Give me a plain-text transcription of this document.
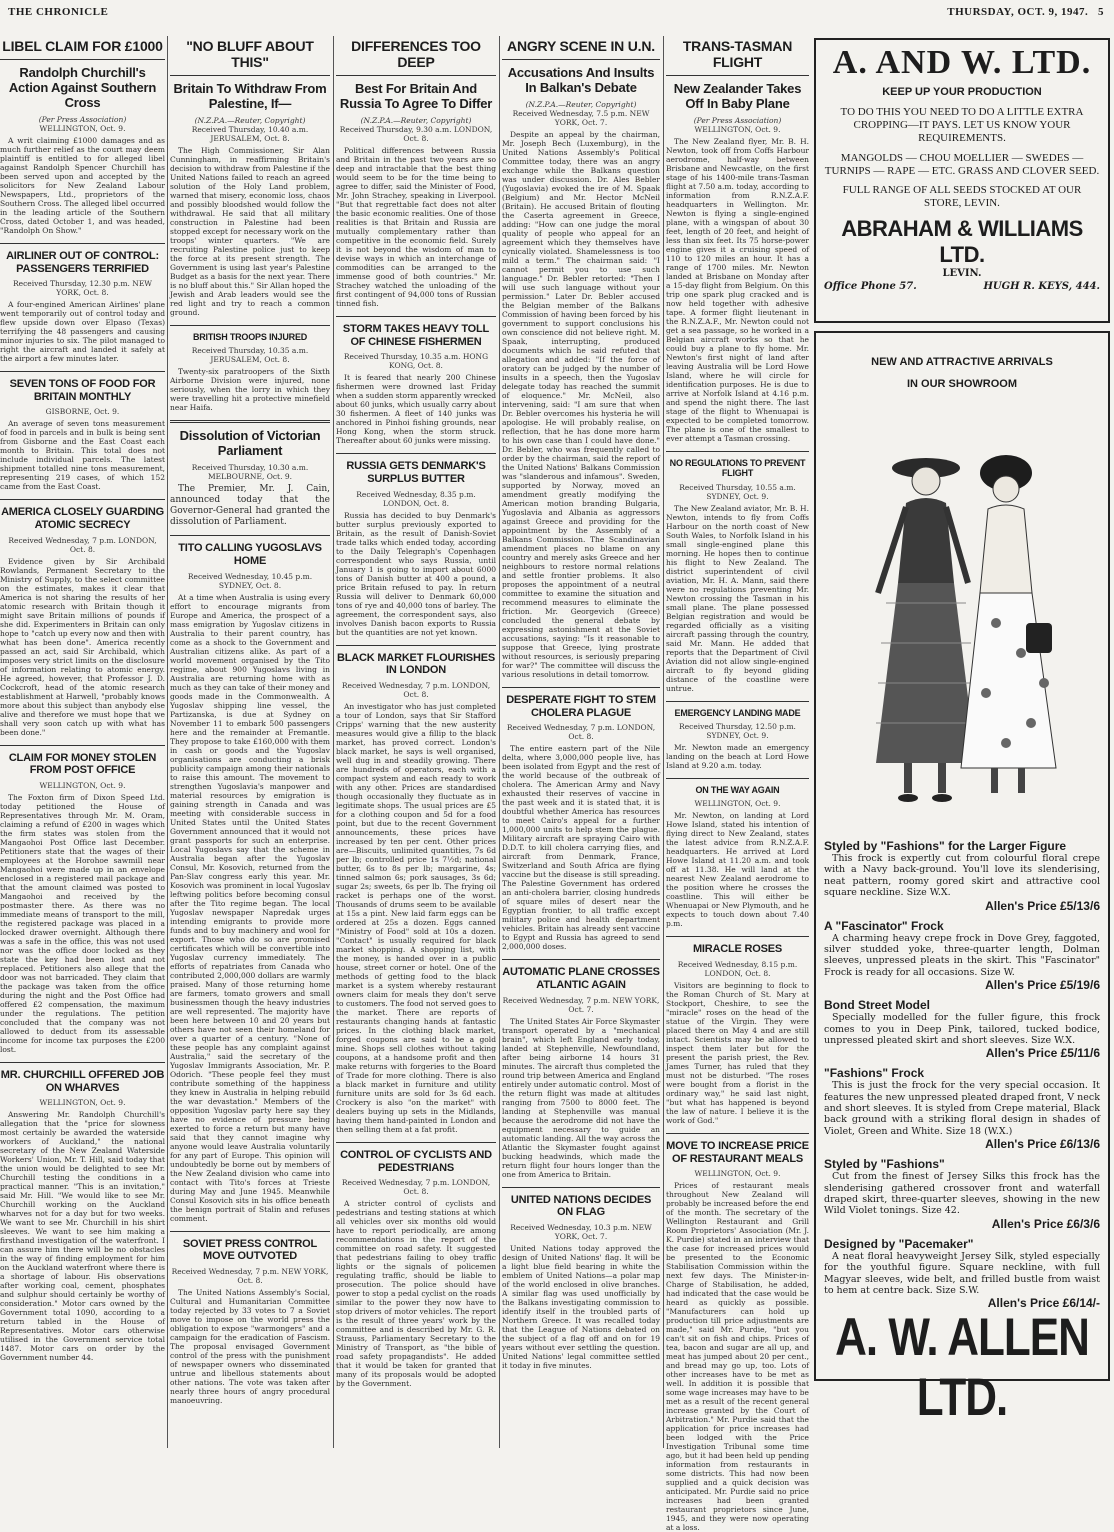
THE CHRONICLE	THURSDAY, OCT. 9, 1947. 5
LIBEL CLAIM FOR £1000
Randolph Churchill's Action Against Southern Cross
(Per Press Association)
WELLINGTON, Oct. 9.
A writ claiming £1000 damages and as much further relief as the court may deem plaintiff is entitled to for alleged libel against Randolph Spencer Churchill has been served upon and accepted by the solicitors for New Zealand Labour Newspapers, Ltd., proprietors of the Southern Cross. The alleged libel occurred in the leading article of the Southern Cross, dated October 1, and was headed, "Randolph On Show."
AIRLINER OUT OF CONTROL: PASSENGERS TERRIFIED
Received Thursday, 12.30 p.m. NEW YORK, Oct. 8.
A four-engined American Airlines' plane went temporarily out of control today and flew upside down over Elpaso (Texas) terrifying the 48 passengers and causing minor injuries to six. The pilot managed to right the aircraft and landed it safely at the airport a few minutes later.
SEVEN TONS OF FOOD FOR BRITAIN MONTHLY
GISBORNE, Oct. 9.
An average of seven tons measurement of food in parcels and in bulk is being sent from Gisborne and the East Coast each month to Britain. This total does not include individual parcels. The latest shipment totalled nine tons measurement, representing 219 cases, of which 152 came from the East Coast.
AMERICA CLOSELY GUARDING ATOMIC SECRECY
Received Wednesday, 7 p.m. LONDON, Oct. 8.
Evidence given by Sir Archibald Rowlands, Permanent Secretary to the Ministry of Supply, to the select committee on the estimates, makes it clear that America is not sharing the results of her atomic research with Britain though it might save Britain millions of pounds if she did. Experimenters in Britain can only hope to "catch up every now and then with what has been done". America recently passed an act, said Sir Archibald, which imposes very strict limits on the disclosure of information relating to atomic energy. He agreed, however, that Professor J. D. Cockcroft, head of the atomic research establishment at Harwell, "probably knows more about this subject than anybody else alive and therefore we must hope that we shall very soon catch up with what has been done."
CLAIM FOR MONEY STOLEN FROM POST OFFICE
WELLINGTON, Oct. 9.
The Foxton firm of Dixon Speed Ltd. today petitioned the House of Representatives through Mr. M. Oram, claiming a refund of £200 in wages which the firm states was stolen from the Mangaohoi Post Office last December. Petitioners state that the wages of their employees at the Horohoe sawmill near Mangaohoi were made up in an envelope enclosed in a registered mail package and that the amount claimed was posted to Mangaohoi and received by the postmaster there. As there was no immediate means of transport to the mill, the registered package was placed in a locked drawer overnight. Although there was a safe in the office, this was not used nor was the office door locked as they state the key had been lost and not replaced. Petitioners also allege that the door was not barricaded. They claim that the package was taken from the office during the night and the Post Office had offered £2 compensation, the maximum under the regulations. The petition concluded that the company was not allowed to deduct from its assessable income for income tax purposes the £200 lost.
MR. CHURCHILL OFFERED JOB ON WHARVES
WELLINGTON, Oct. 9.
Answering Mr. Randolph Churchill's allegation that the "price for slowness most certainly be awarded the waterside workers of Auckland," the national secretary of the New Zealand Waterside Workers' Union, Mr. T. Hill, said today that the union would be delighted to see Mr. Churchill testing the conditions in a practical manner. "This is an invitation," said Mr. Hill. "We would like to see Mr. Churchill working on the Auckland wharves not for a day but for two weeks. We want to see Mr. Churchill in his shirt sleeves. We want to see him making a firsthand investigation of the waterfront. I can assure him there will be no obstacles in the way of finding employment for him on the Auckland waterfront where there is a shortage of labour. His observations after working coal, cement, phosphates and sulphur should certainly be worthy of consideration." Motor cars owned by the Government total 1090, according to a return tabled in the House of Representatives. Motor cars otherwise utilised in the Government service total 1487. Motor cars on order by the Government number 44.
"NO BLUFF ABOUT THIS"
Britain To Withdraw From Palestine, If—
(N.Z.P.A.—Reuter, Copyright)
Received Thursday, 10.40 a.m. JERUSALEM, Oct. 8.
The High Commissioner, Sir Alan Cunningham, in reaffirming Britain's decision to withdraw from Palestine if the United Nations failed to reach an agreed solution of the Holy Land problem, warned that misery, economic loss, chaos and possibly bloodshed would follow the withdrawal. He said that all military construction in Palestine had been stopped except for necessary work on the troops' winter quarters. "We are recruiting Palestine police just to keep the force at its present strength. The Government is using last year's Palestine Budget as a basis for the next year. There is no bluff about this." Sir Allan hoped the Jewish and Arab leaders would see the red light and try to reach a common ground.
BRITISH TROOPS INJURED
Received Thursday, 10.35 a.m. JERUSALEM, Oct. 8.
Twenty-six paratroopers of the Sixth Airborne Division were injured, none seriously, when the lorry in which they were travelling hit a protective minefield near Haifa.
Dissolution of Victorian Parliament
Received Thursday, 10.30 a.m. MELBOURNE, Oct. 9.
The Premier, Mr. J. Cain, announced today that the Governor-General had granted the dissolution of Parliament.
TITO CALLING YUGOSLAVS HOME
Received Wednesday, 10.45 p.m. SYDNEY, Oct. 8.
At a time when Australia is using every effort to encourage migrants from Europe and America, the prospect of a mass emigration by Yugoslav citizens in Australia to their parent country, has come as a shock to the Government and Australian citizens alike. As part of a world movement organised by the Tito regime, about 900 Yugoslavs living in Australia are returning home with as much as they can take of their money and goods made in the Commonwealth. A Yugoslav shipping line vessel, the Partizanska, is due at Sydney on November 11 to embark 500 passengers here and the remainder at Fremantle. They propose to take £160,000 with them in cash or goods and the Yugoslav organisations are conducting a brisk publicity campaign among their nationals to raise this amount. The movement to strengthen Yugoslavia's manpower and material resources by emigration is gaining strength in Canada and was meeting with considerable success in United States until the United States Government announced that it would not grant passports for such an enterprise. Local Yugoslavs say that the scheme in Australia began after the Yugoslav Consul, Mr. Kosovich, returned from the Pan-Slav congress early this year. Mr. Kosovich was prominent in local Yugoslav leftwing politics before becoming consul after the Tito regime began. The local Yugoslav newspaper Napredak urges intending emigrants to provide more funds and to buy machinery and wool for export. Those who do so are promised certificates which will be convertible into Yugoslav currency immediately. The efforts of repatriates from Canada who contributed 2,000,000 dollars are warmly praised. Many of those returning home are farmers, tomato growers and small businessmen though the heavy industries are well represented. The majority have been here between 10 and 20 years but others have not seen their homeland for over a quarter of a century. "None of these people has any complaint against Australia," said the secretary of the Yugoslav Immigrants Association, Mr. P. Odorich. "These people feel they must contribute something of the happiness they knew in Australia in helping rebuild the war devastation." Members of the opposition Yugoslav party here say they have no evidence of pressure being exerted to force a return but many have said that they cannot imagine why anyone would leave Australia voluntarily for any part of Europe. This opinion will undoubtedly be borne out by members of the New Zealand division who came into contact with Tito's forces at Trieste during May and June 1945. Meanwhile Consul Kosovich sits in his office beneath the benign portrait of Stalin and refuses comment.
SOVIET PRESS CONTROL MOVE OUTVOTED
Received Wednesday, 7 p.m. NEW YORK, Oct. 8.
The United Nations Assembly's Social, Cultural and Humanitarian Committee today rejected by 33 votes to 7 a Soviet move to impose on the world press the obligation to expose "warmongers" and a campaign for the eradication of Fascism. The proposal envisaged Government control of the press with the punishment of newspaper owners who disseminated untrue and libellous statements about other nations. The vote was taken after nearly three hours of angry procedural manoeuvring.
DIFFERENCES TOO DEEP
Best For Britain And Russia To Agree To Differ
(N.Z.P.A.—Reuter, Copyright)
Received Thursday, 9.30 a.m. LONDON, Oct. 8.
Political differences between Russia and Britain in the past two years are so deep and intractable that the best thing would seem to be for the time being to agree to differ, said the Minister of Food, Mr. John Strachey, speaking in Liverpool. "But that regrettable fact does not alter the basic economic realities. One of those realities is that Britain and Russia are mutually complementary rather than competitive in the economic field. Surely it is not beyond the wisdom of man to devise ways in which an interchange of commodities can be arranged to the immense good of both countries." Mr. Strachey watched the unloading of the first contingent of 94,000 tons of Russian tinned fish.
STORM TAKES HEAVY TOLL OF CHINESE FISHERMEN
Received Thursday, 10.35 a.m. HONG KONG, Oct. 8.
It is feared that nearly 200 Chinese fishermen were drowned last Friday when a sudden storm apparently wrecked about 60 junks, which usually carry about 30 fishermen. A fleet of 140 junks was anchored in Pinhoi fishing grounds, near Hong Kong, when the storm struck. Thereafter about 60 junks were missing.
RUSSIA GETS DENMARK'S SURPLUS BUTTER
Received Wednesday, 8.35 p.m. LONDON, Oct. 8.
Russia has decided to buy Denmark's butter surplus previously exported to Britain, as the result of Danish-Soviet trade talks which ended today, according to the Daily Telegraph's Copenhagen correspondent who says Russia, until January 1 is going to import about 6000 tons of Danish butter at 400 a pound, a price Britain refused to pay. In return Russia will deliver to Denmark 60,000 tons of rye and 40,000 tons of barley. The agreement, the correspondent says, also involves Danish bacon exports to Russia but the quantities are not yet known.
BLACK MARKET FLOURISHES IN LONDON
Received Wednesday, 7 p.m. LONDON, Oct. 8.
An investigator who has just completed a tour of London, says that Sir Stafford Cripps' warning that the new austerity measures would give a fillip to the black market, has proved correct. London's black market, he says is well organised, well dug in and steadily growing. There are hundreds of operators, each with a compact system and each ready to work with any other. Prices are standardised though occasionally they fluctuate as in legitimate shops. The usual prices are £5 for a clothing coupon and 5d for a food point, but due to the recent Government announcements, these prices have increased by ten per cent. Other prices are—Biscuits, unlimited quantities, 7s 6d per lb; controlled price 1s 7½d; national butter, 6s to 8s per lb; margarine, 4s; tinned salmon 6s; pork sausages, 3s 6d; sugar 2s; sweets, 6s per lb. The frying oil racket is perhaps one of the worst. Thousands of drums seem to be available at 15s a pint. New laid farm eggs can be ordered at 25s a dozen. Eggs canned "Ministry of Food" sold at 10s a dozen. "Contact" is usually required for black market shopping. A shopping list, with the money, is handed over in a public house, street corner or hotel. One of the methods of getting food to the black market is a system whereby restaurant owners claim for meals they don't serve to customers. The food not served goes to the market. There are reports of restaurants changing hands at fantastic prices. In the clothing black market, forged coupons are said to be a gold mine. Shops sell clothes without taking coupons, at a handsome profit and then make returns with forgeries to the Board of Trade for more clothing. There is also a black market in furniture and utility furniture units are sold for 3s 6d each. Crockery is also "on the market" with dealers buying up sets in the Midlands, having them hand-painted in London and then selling them at a fat profit.
CONTROL OF CYCLISTS AND PEDESTRIANS
Received Wednesday, 7 p.m. LONDON, Oct. 8.
A stricter control of cyclists and pedestrians and testing stations at which all vehicles over six months old would have to report periodically, are among recommendations in the report of the committee on road safety. It suggested that pedestrians failing to obey traffic lights or the signals of policemen regulating traffic, should be liable to prosecution. The police should have power to stop a pedal cyclist on the roads similar to the power they now have to stop drivers of motor vehicles. The report is the result of three years' work by the committee and is described by Mr. G. R. Strauss, Parliamentary Secretary to the Ministry of Transport, as "the bible of road safety propagandists". He added that it would be taken for granted that many of its proposals would be adopted by the Government.
ANGRY SCENE IN U.N.
Accusations And Insults In Balkan's Debate
(N.Z.P.A.—Reuter, Copyright)
Received Wednesday, 7.5 p.m. NEW YORK, Oct. 7.
Despite an appeal by the chairman, Mr. Joseph Bech (Luxemburg), in the United Nations Assembly's Political Committee today, there was an angry exchange while the Balkans question was under discussion. Dr. Ales Bebler (Yugoslavia) evoked the ire of M. Spaak (Belgium) and Mr. Hector McNeil (Britain). He accused Britain of flouting the Caserta agreement in Greece, adding: "How can one judge the moral quality of people who appeal for an agreement which they themselves have cynically violated. Shamelessness is too mild a term." The chairman said: "I cannot permit you to use such language." Dr. Bebler retorted: "Then I will use such language without your permission." Later Dr. Bebler accused the Belgian member of the Balkans Commission of having been forced by his government to support conclusions his own conscience did not believe right. M. Spaak, interrupting, produced documents which he said refuted that allegation and added: "If the force of oratory can be judged by the number of insults in a speech, then the Yugoslav delegate today has reached the summit of eloquence." Mr. McNeil, also intervening, said: "I am sure that when Dr. Bebler overcomes his hysteria he will apologise. He will probably realise, on reflection, that he has done more harm to his own case than I could have done." Dr. Bebler, who was frequently called to order by the chairman, said the report of the United Nations' Balkans Commission was "slanderous and infamous". Sweden, supported by Norway, moved an amendment greatly modifying the American motion branding Bulgaria, Yugoslavia and Albania as aggressors against Greece and providing for the appointment by the Assembly of a Balkans Commission. The Scandinavian amendment places no blame on any country and merely asks Greece and her neighbours to restore normal relations and settle frontier problems. It also proposes the appointment of a neutral committee to examine the situation and recommend measures to eliminate the friction. Mr. Georgevich (Greece) concluded the general debate by expressing astonishment at the Soviet accusations, saying: "Is it reasonable to suppose that Greece, lying prostrate without resources, is seriously preparing for war?" The committee will discuss the various resolutions in detail tomorrow.
DESPERATE FIGHT TO STEM CHOLERA PLAGUE
Received Wednesday, 7 p.m. LONDON, Oct. 8.
The entire eastern part of the Nile delta, where 3,000,000 people live, has been isolated from Egypt and the rest of the world because of the outbreak of cholera. The American Army and Navy exhausted their reserves of vaccine in the past week and it is stated that, it is doubtful whether America has resources to meet Cairo's appeal for a further 1,000,000 units to help stem the plague. Military aircraft are spraying Cairo with D.D.T. to kill cholera carrying flies, and aircraft from Denmark, France, Switzerland and South Africa are flying vaccine but the disease is still spreading. The Palestine Government has ordered an anti-cholera barrier, closing hundreds of square miles of desert near the Egyptian frontier, to all traffic except military police and health department vehicles. Britain has already sent vaccine to Egypt and Russia has agreed to send 2,000,000 doses.
AUTOMATIC PLANE CROSSES ATLANTIC AGAIN
Received Wednesday, 7 p.m. NEW YORK, Oct. 7.
The United States Air Force Skymaster transport operated by a "mechanical brain", which left England early today, landed at Stephenville, Newfoundland, after being airborne 14 hours 31 minutes. The aircraft thus completed the round trip between America and England entirely under automatic control. Most of the return flight was made at altitudes ranging from 7500 to 8000 feet. The landing at Stephenville was manual because the aerodrome did not have the equipment necessary to guide an automatic landing. All the way across the Atlantic the Skymaster fought against bucking headwinds, which made the return flight four hours longer than the one from America to Britain.
UNITED NATIONS DECIDES ON FLAG
Received Wednesday, 10.3 p.m. NEW YORK, Oct. 7.
United Nations today approved the design of United Nations' flag. It will be a light blue field bearing in white the emblem of United Nations—a polar map of the world enclosed in olive branches. A similar flag was used unofficially by the Balkans investigating commission to identify itself in the troubled parts of Northern Greece. It was recalled today that the League of Nations debated on the subject of a flag off and on for 19 years without ever settling the question. United Nations' legal committee settled it today in five minutes.
TRANS-TASMAN FLIGHT
New Zealander Takes Off In Baby Plane
(Per Press Association)
WELLINGTON, Oct. 9.
The New Zealand flyer, Mr. B. H. Newton, took off from Coffs Harbour aerodrome, half-way between Brisbane and Newcastle, on the first stage of his 1400-mile trans-Tasman flight at 7.50 a.m. today, according to information from R.N.Z.A.F. headquarters in Wellington. Mr. Newton is flying a single-engined plane, with a wingspan of about 30 feet, length of 20 feet, and height of less than six feet. Its 75 horse-power engine gives it a cruising speed of 110 to 120 miles an hour. It has a range of 1700 miles. Mr. Newton landed at Brisbane on Monday after a 15-day flight from Belgium. On this trip one spark plug cracked and is now held together with adhesive tape. A former flight lieutenant in the R.N.Z.A.F., Mr. Newton could not get a sea passage, so he worked in a Belgian aircraft works so that he could buy a plane to fly home. Mr. Newton's first night of land after leaving Australia will be Lord Howe Island, where he will circle for identification purposes. He is due to arrive at Norfolk Island at 4.16 p.m. and spend the night there. The last stage of the flight to Whenuapai is expected to be completed tomorrow. The plane is one of the smallest to ever attempt a Tasman crossing.
NO REGULATIONS TO PREVENT FLIGHT
Received Thursday, 10.55 a.m. SYDNEY, Oct. 9.
The New Zealand aviator, Mr. B. H. Newton, intends to fly from Coffs Harbour on the north coast of New South Wales, to Norfolk Island in his small single-engined plane this morning. He hopes then to continue his flight to New Zealand. The district superintendent of civil aviation, Mr. H. A. Mann, said there were no regulations preventing Mr. Newton crossing the Tasman in his small plane. The plane possessed Belgian registration and would be regarded officially as a visiting aircraft passing through the country, said Mr. Mann. He added that reports that the Department of Civil Aviation did not allow single-engined aircraft to fly beyond gliding distance of the coastline were untrue.
EMERGENCY LANDING MADE
Received Thursday, 12.50 p.m. SYDNEY, Oct. 9.
Mr. Newton made an emergency landing on the beach at Lord Howe Island at 9.20 a.m. today.
ON THE WAY AGAIN
WELLINGTON, Oct. 9.
Mr. Newton, on landing at Lord Howe Island, stated his intention of flying direct to New Zealand, states the latest advice from R.N.Z.A.F. headquarters. He arrived at Lord Howe Island at 11.20 a.m. and took off at 11.38. He will land at the nearest New Zealand aerodrome to the position where he crosses the coastline. This will either be Whenuapai or New Plymouth, and he expects to touch down about 7.40 p.m.
MIRACLE ROSES
Received Wednesday, 8.15 p.m. LONDON, Oct. 8.
Visitors are beginning to flock to the Roman Church of St. Mary at Stockport, Cheshire, to see the "miracle" roses on the head of the statue of the Virgin. They were placed there on May 4 and are still intact. Scientists may be allowed to inspect them later but for the present the parish priest, the Rev. James Turner, has ruled that they must not be disturbed. "The roses were bought from a florist in the ordinary way," he said last night, "but what has happened is beyond the law of nature. I believe it is the work of God."
MOVE TO INCREASE PRICE OF RESTAURANT MEALS
WELLINGTON, Oct. 9.
Prices of restaurant meals throughout New Zealand will probably be increased before the end of the month. The secretary of the Wellington Restaurant and Grill Room Proprietors' Association (Mr. J. K. Purdie) stated in an interview that the case for increased prices would be presented to the Economic Stabilisation Commission within the next few days. The Minister-in-Charge of Stabilisation, he added, had indicated that the case would be heard as quickly as possible. "Manufacturers can hold up production till price adjustments are made," said Mr. Purdie, "but you can't sit on fish and chips. Prices of tea, bacon and sugar are all up, and meat has jumped about 20 per cent., and bread may go up, too. Lots of other increases have to be met as well. In addition it is possible that some wage increases may have to be met as a result of the recent general increase granted by the Court of Arbitration." Mr. Purdie said that the application for price increases had been lodged with the Price Investigation Tribunal some time ago, but it had been held up pending information from restaurants in some districts. This had now been supplied and a quick decision was anticipated. Mr. Purdie said no price increases had been granted restaurant proprietors since June, 1945, and they were now operating at a loss.
A. AND W. LTD.
KEEP UP YOUR PRODUCTION
TO DO THIS YOU NEED TO DO A LITTLE EXTRA CROPPING—IT PAYS. LET US KNOW YOUR REQUIREMENTS.
MANGOLDS — CHOU MOELLIER — SWEDES — TURNIPS — RAPE — ETC. GRASS AND CLOVER SEED.
FULL RANGE OF ALL SEEDS STOCKED AT OUR STORE, LEVIN.
ABRAHAM & WILLIAMS LTD.
LEVIN.
Office Phone 57.	HUGH R. KEYS, 444.
NEW AND ATTRACTIVE ARRIVALS
IN OUR SHOWROOM
Styled by "Fashions" for the Larger Figure
This frock is expertly cut from colourful floral crepe with a Navy back-ground. You'll love its slenderising, neat pattern, roomy gored skirt and attractive cool square neckline. Size W.X.
Allen's Price £5/13/6
A "Fascinator" Frock
A charming heavy crepe frock in Dove Grey, faggoted, silver studded yoke, three-quarter length, Dolman sleeves, unpressed pleats in the skirt. This "Fascinator" Frock is ready for all occasions. Size W.
Allen's Price £5/19/6
Bond Street Model
Specially modelled for the fuller figure, this frock comes to you in Deep Pink, tailored, tucked bodice, unpressed pleated skirt and short sleeves. Size W.X.
Allen's Price £5/11/6
"Fashions" Frock
This is just the frock for the very special occasion. It features the new unpressed pleated draped front, V neck and short sleeves. It is styled from Crepe material, Black back ground with a striking floral design in shades of Violet, Green and White. Size 18 (W.X.)
Allen's Price £6/13/6
Styled by "Fashions"
Cut from the finest of Jersey Silks this frock has the slenderising gathered crossover front and waterfall draped skirt, three-quarter sleeves, showing in the new Wild Violet tonings. Size 42.
Allen's Price £6/3/6
Designed by "Pacemaker"
A neat floral heavyweight Jersey Silk, styled especially for the youthful figure. Square neckline, with full Magyar sleeves, wide belt, and frilled bustle from waist to hem at centre back. Size S.W.
Allen's Price £6/14/-
A. W. ALLEN LTD.
